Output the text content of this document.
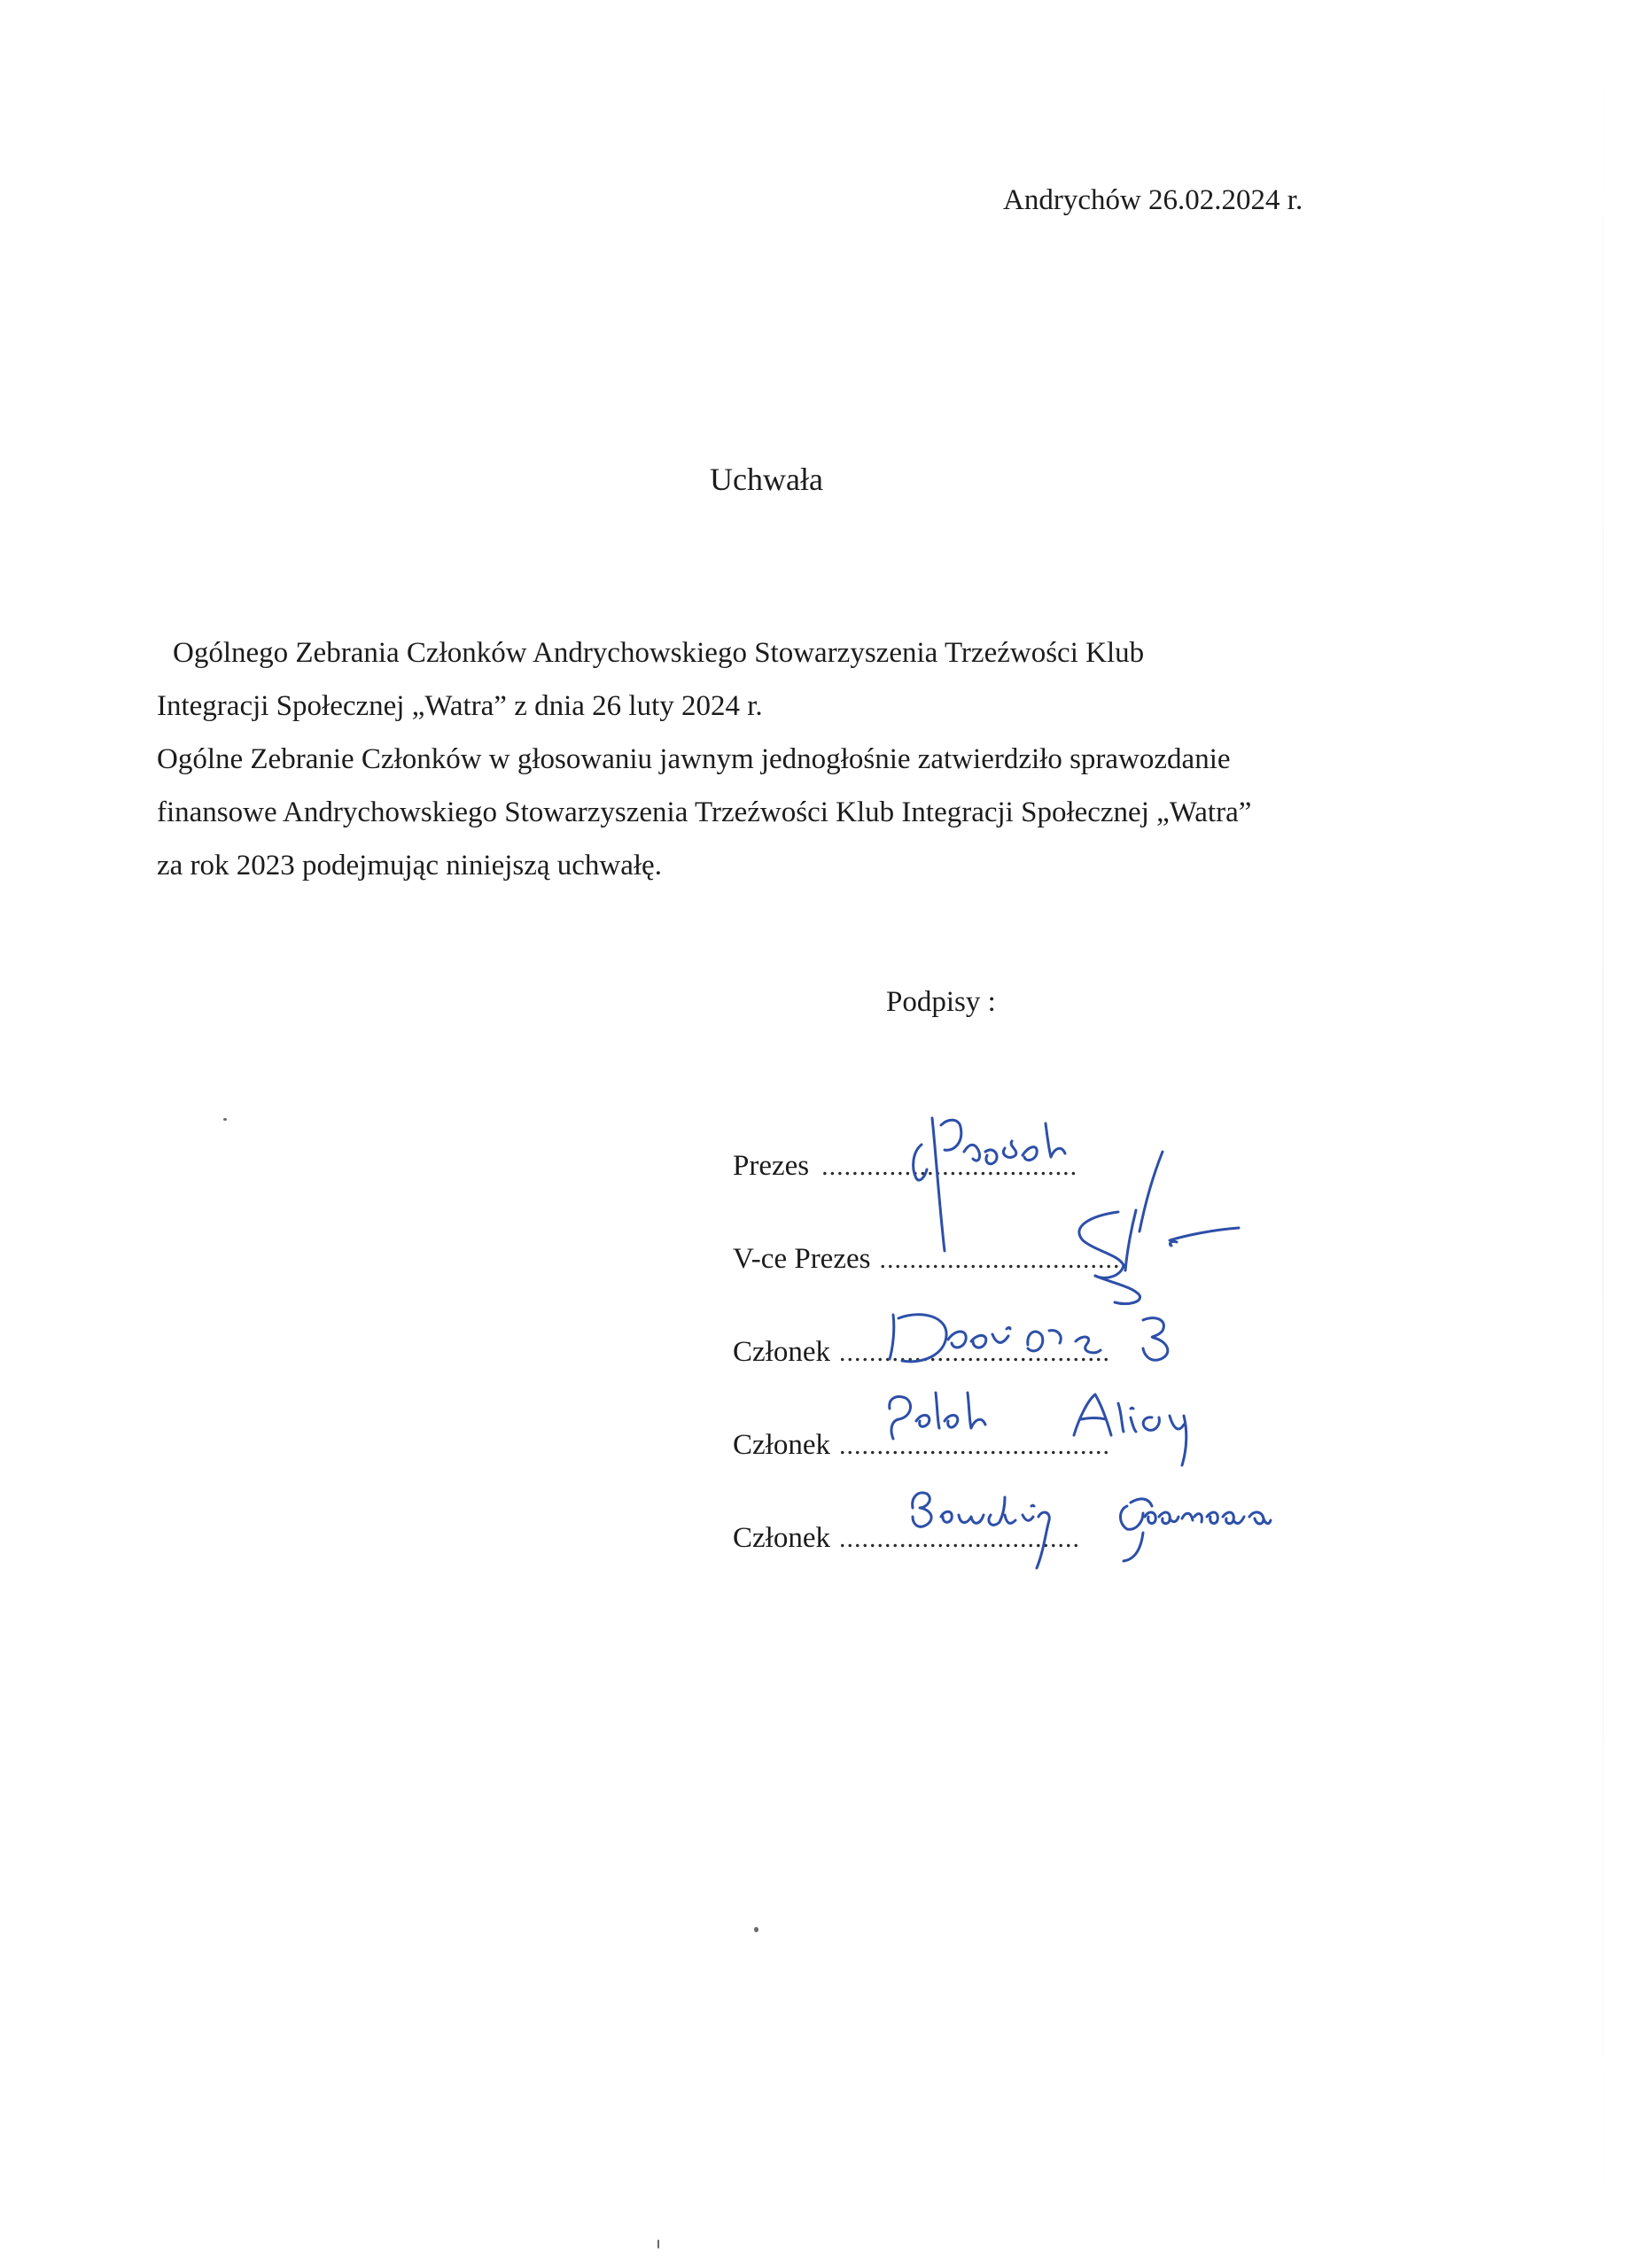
Andrychów 26.02.2024 r.
Uchwała

Ogólnego Zebrania Członków Andrychowskiego Stowarzyszenia Trzeźwości Klub

Integracji Społecznej „Watra” z dnia 26 luty 2024 r.

Ogólne Zebranie Członków w głosowaniu jawnym jednogłośnie zatwierdziło sprawozdanie

finansowe Andrychowskiego Stowarzyszenia Trzeźwości Klub Integracji Społecznej „Watra”

za rok 2023 podejmując niniejszą uchwałę.

Podpisy :
Prezes ..................................
V-ce Prezes .................................
Członek ....................................
Członek ....................................
Członek ................................
